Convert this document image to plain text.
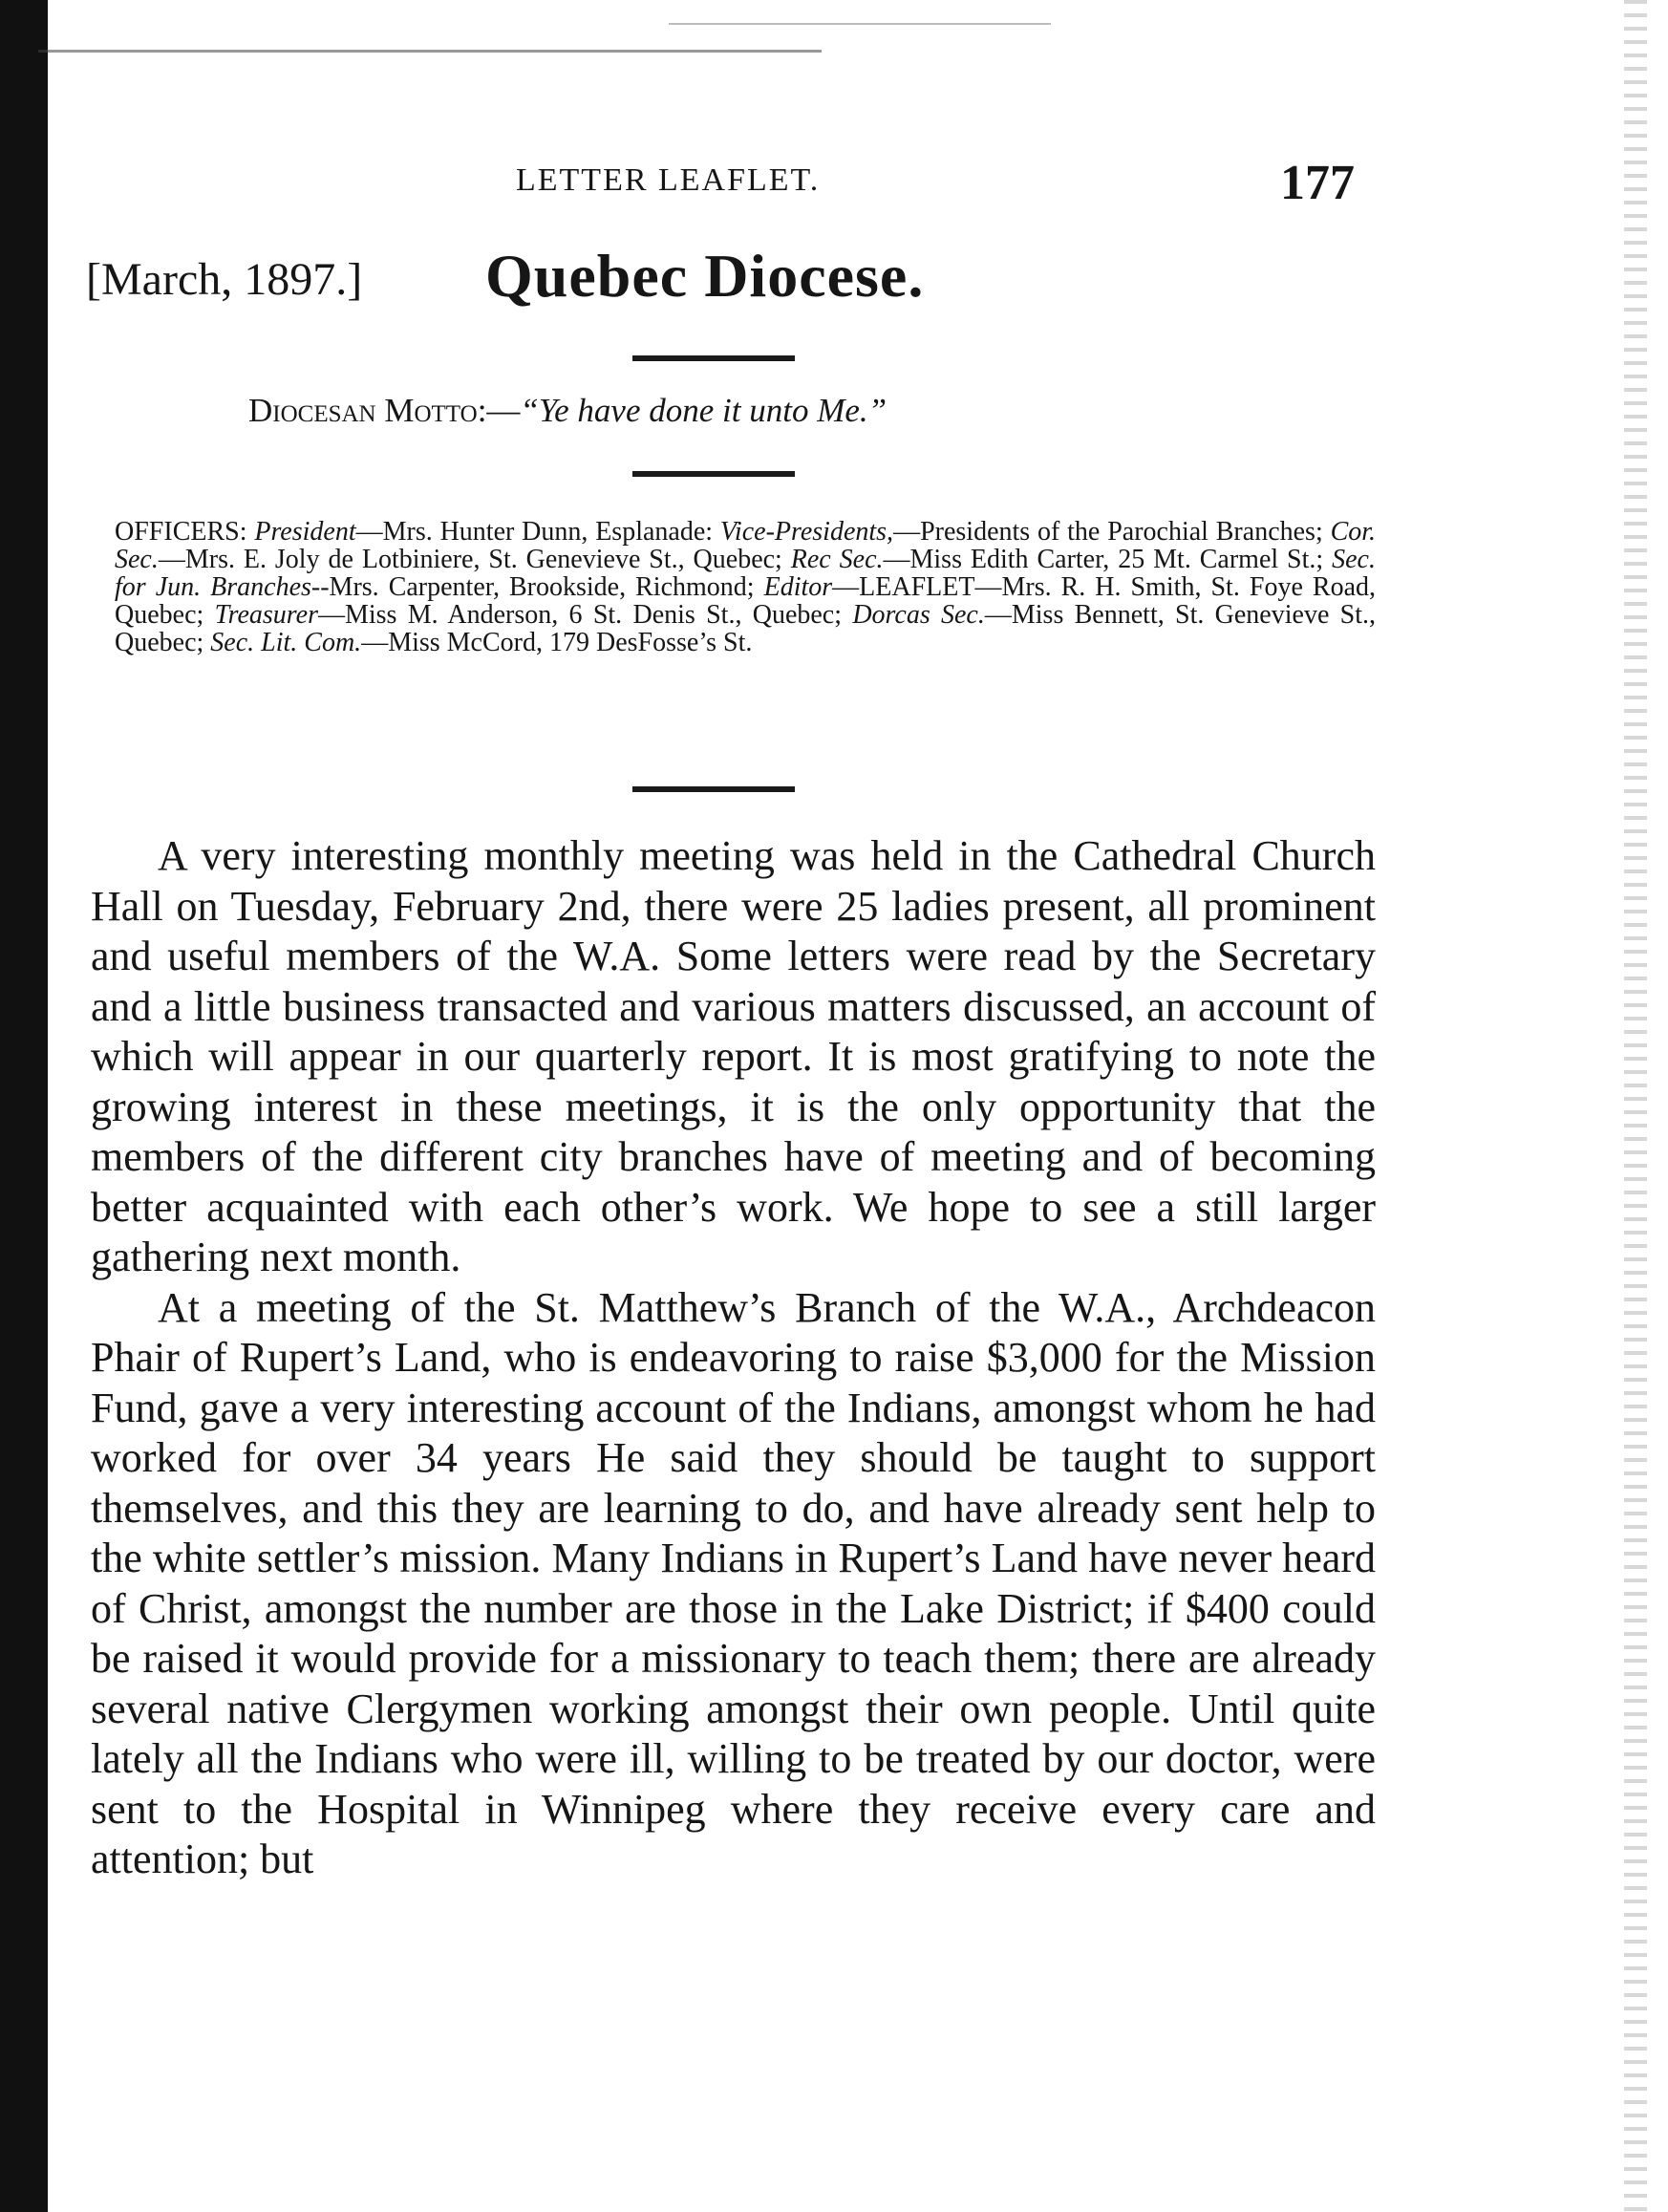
LETTER LEAFLET.	177
[March, 1897.] Quebec Diocese.
Diocesan Motto:—“Ye have done it unto Me.”
OFFICERS: President—Mrs. Hunter Dunn, Esplanade: Vice-Presidents,—Presidents of the Parochial Branches; Cor. Sec.—Mrs. E. Joly de Lotbiniere, St. Genevieve St., Quebec; Rec Sec.—Miss Edith Carter, 25 Mt. Carmel St.; Sec. for Jun. Branches--Mrs. Carpenter, Brookside, Richmond; Editor—LEAFLET—Mrs. R. H. Smith, St. Foye Road, Quebec; Treasurer—Miss M. Anderson, 6 St. Denis St., Quebec; Dorcas Sec.—Miss Bennett, St. Genevieve St., Quebec; Sec. Lit. Com.—Miss McCord, 179 DesFosse’s St.

A very interesting monthly meeting was held in the Cathedral Church Hall on Tuesday, February 2nd, there were 25 ladies present, all prominent and useful members of the W.A. Some letters were read by the Secretary and a little business transacted and various matters discussed, an account of which will appear in our quarterly report. It is most gratifying to note the growing interest in these meetings, it is the only opportunity that the members of the different city branches have of meeting and of becoming better acquainted with each other’s work. We hope to see a still larger gathering next month.

At a meeting of the St. Matthew’s Branch of the W.A., Archdeacon Phair of Rupert’s Land, who is endeavoring to raise $3,000 for the Mission Fund, gave a very interesting account of the Indians, amongst whom he had worked for over 34 years He said they should be taught to support themselves, and this they are learning to do, and have already sent help to the white settler’s mission. Many Indians in Rupert’s Land have never heard of Christ, amongst the number are those in the Lake District; if $400 could be raised it would provide for a missionary to teach them; there are already several native Clergymen working amongst their own people. Until quite lately all the Indians who were ill, willing to be treated by our doctor, were sent to the Hospital in Winnipeg where they receive every care and attention; but
